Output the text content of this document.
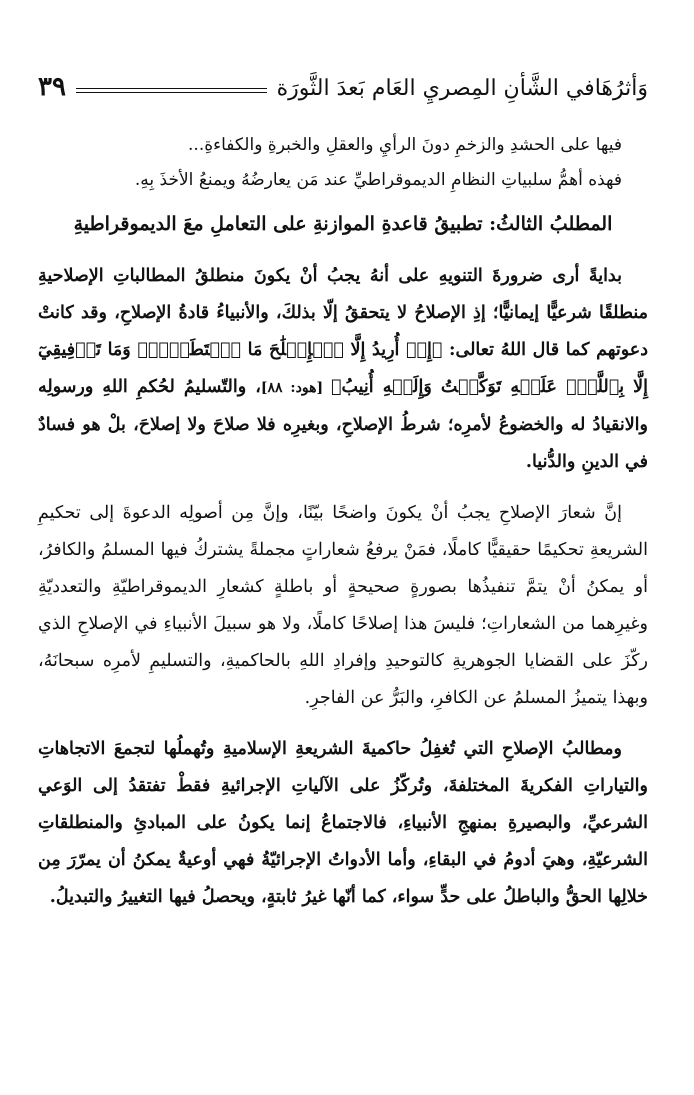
وَأثرُهَافي الشَّأنِ المِصريِ العَام بَعدَ الثَّورَة
٣٩

فيها على الحشدِ والزخمِ دونَ الرأيِ والعقلِ والخبرةِ والكفاءةِ...

فهذه أهمُّ سلبياتِ النظامِ الديموقراطيِّ عند مَن يعارضُهُ ويمنعُ الأخذَ بِهِ.

المطلبُ الثالثُ: تطبيقُ قاعدةِ الموازنةِ على التعاملِ معَ الديموقراطيةِ

بدايةً أرى ضرورةَ التنويهِ على أنهُ يجبُ أنْ يكونَ منطلقُ المطالباتِ الإصلاحيةِ منطلقًا شرعيًّا إيمانيًّا؛ إذِ الإصلاحُ لا يتحققُ إلّا بذلكَ، والأنبياءُ قادةُ الإصلاحِ، وقد كانتْ دعوتهم كما قال اللهُ تعالى: ﴿إِنۡ أُرِيدُ إِلَّا ٱلۡإِصۡلَٰحَ مَا ٱسۡتَطَعۡتُۚ وَمَا تَوۡفِيقِيٓ إِلَّا بِٱللَّهِۚ عَلَيۡهِ تَوَكَّلۡتُ وَإِلَيۡهِ أُنِيبُ﴾ [هود: ٨٨]، والتّسليمُ لحُكمِ اللهِ ورسولِه والانقيادُ له والخضوعُ لأمرِه؛ شرطُ الإصلاحِ، وبغيرِه فلا صلاحَ ولا إصلاحَ، بلْ هو فسادٌ في الدينِ والدُّنيا.

إنَّ شعارَ الإصلاحِ يجبُ أنْ يكونَ واضحًا بيّنًا، وإنَّ مِن أصولِه الدعوةَ إلى تحكيمِ الشريعةِ تحكيمًا حقيقيًّا كاملًا، فمَنْ يرفعُ شعاراتٍ مجملةً يشتركُ فيها المسلمُ والكافرُ، أو يمكنُ أنْ يتمَّ تنفيذُها بصورةٍ صحيحةٍ أو باطلةٍ كشعارِ الديموقراطيّةِ والتعدديّةِ وغيرِهما من الشعاراتِ؛ فليسَ هذا إصلاحًا كاملًا، ولا هو سبيلَ الأنبياءِ في الإصلاحِ الذي ركّزَ على القضايا الجوهريةِ كالتوحيدِ وإفرادِ اللهِ بالحاكميةِ، والتسليمِ لأمرِه سبحانَهُ، وبهذا يتميزُ المسلمُ عن الكافرِ، والبَرُّ عن الفاجرِ.

ومطالبُ الإصلاحِ التي تُغفِلُ حاكميةَ الشريعةِ الإسلاميةِ وتُهملُها لتجمعَ الاتجاهاتِ والتياراتِ الفكريةَ المختلفةَ، وتُركّزُ على الآلياتِ الإجرائيةِ فقطْ تفتقدُ إلى الوَعي الشرعيِّ، والبصيرةِ بمنهجِ الأنبياءِ، فالاجتماعُ إنما يكونُ على المبادئِ والمنطلقاتِ الشرعيّةِ، وهيَ أدومُ في البقاءِ، وأما الأدواتُ الإجرائيّةُ فهي أوعيةٌ يمكنُ أن يمرّرَ مِن خلالِها الحقُّ والباطلُ على حدٍّ سواء، كما أنّها غيرُ ثابتةٍ، ويحصلُ فيها التغييرُ والتبديلُ.
